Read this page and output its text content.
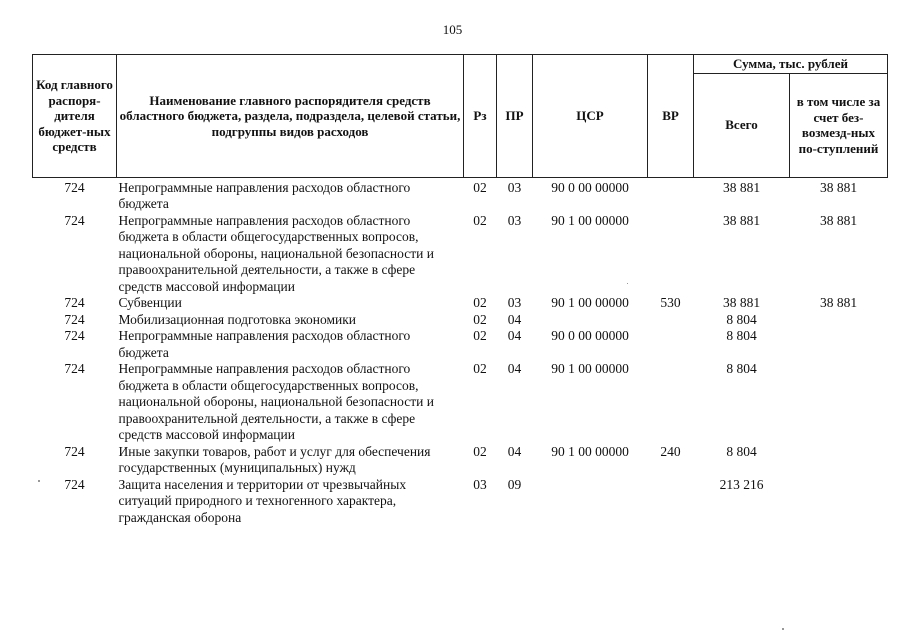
105
Код главного распоря-дителя бюджет-ных средств	Наименование главного распорядителя средств областного бюджета, раздела, подраздела, целевой статьи, подгруппы видов расходов	Рз	ПР	ЦСР	ВР	Сумма, тыс. рублей	
						Всего	в том числе за счет без-возмезд-ных по-ступлений
724	Непрограммные направления расходов областного бюджета	02	03	90 0 00 00000		38 881	38 881
724	Непрограммные направления расходов областного бюджета в области общегосударственных вопросов, национальной обороны, национальной безопасности и правоохранительной деятельности, а также в сфере средств массовой информации	02	03	90 1 00 00000		38 881	38 881
724	Субвенции	02	03	90 1 00 00000	530	38 881	38 881
724	Мобилизационная подготовка экономики	02	04			8 804	
724	Непрограммные направления расходов областного бюджета	02	04	90 0 00 00000		8 804	
724	Непрограммные направления расходов областного бюджета в области общегосударственных вопросов, национальной обороны, национальной безопасности и правоохранительной деятельности, а также в сфере средств массовой информации	02	04	90 1 00 00000		8 804	
724	Иные закупки товаров, работ и услуг для обеспечения государственных (муниципальных) нужд	02	04	90 1 00 00000	240	8 804	
724	Защита населения и территории от чрезвычайных ситуаций природного и техногенного характера, гражданская оборона	03	09			213 216	
